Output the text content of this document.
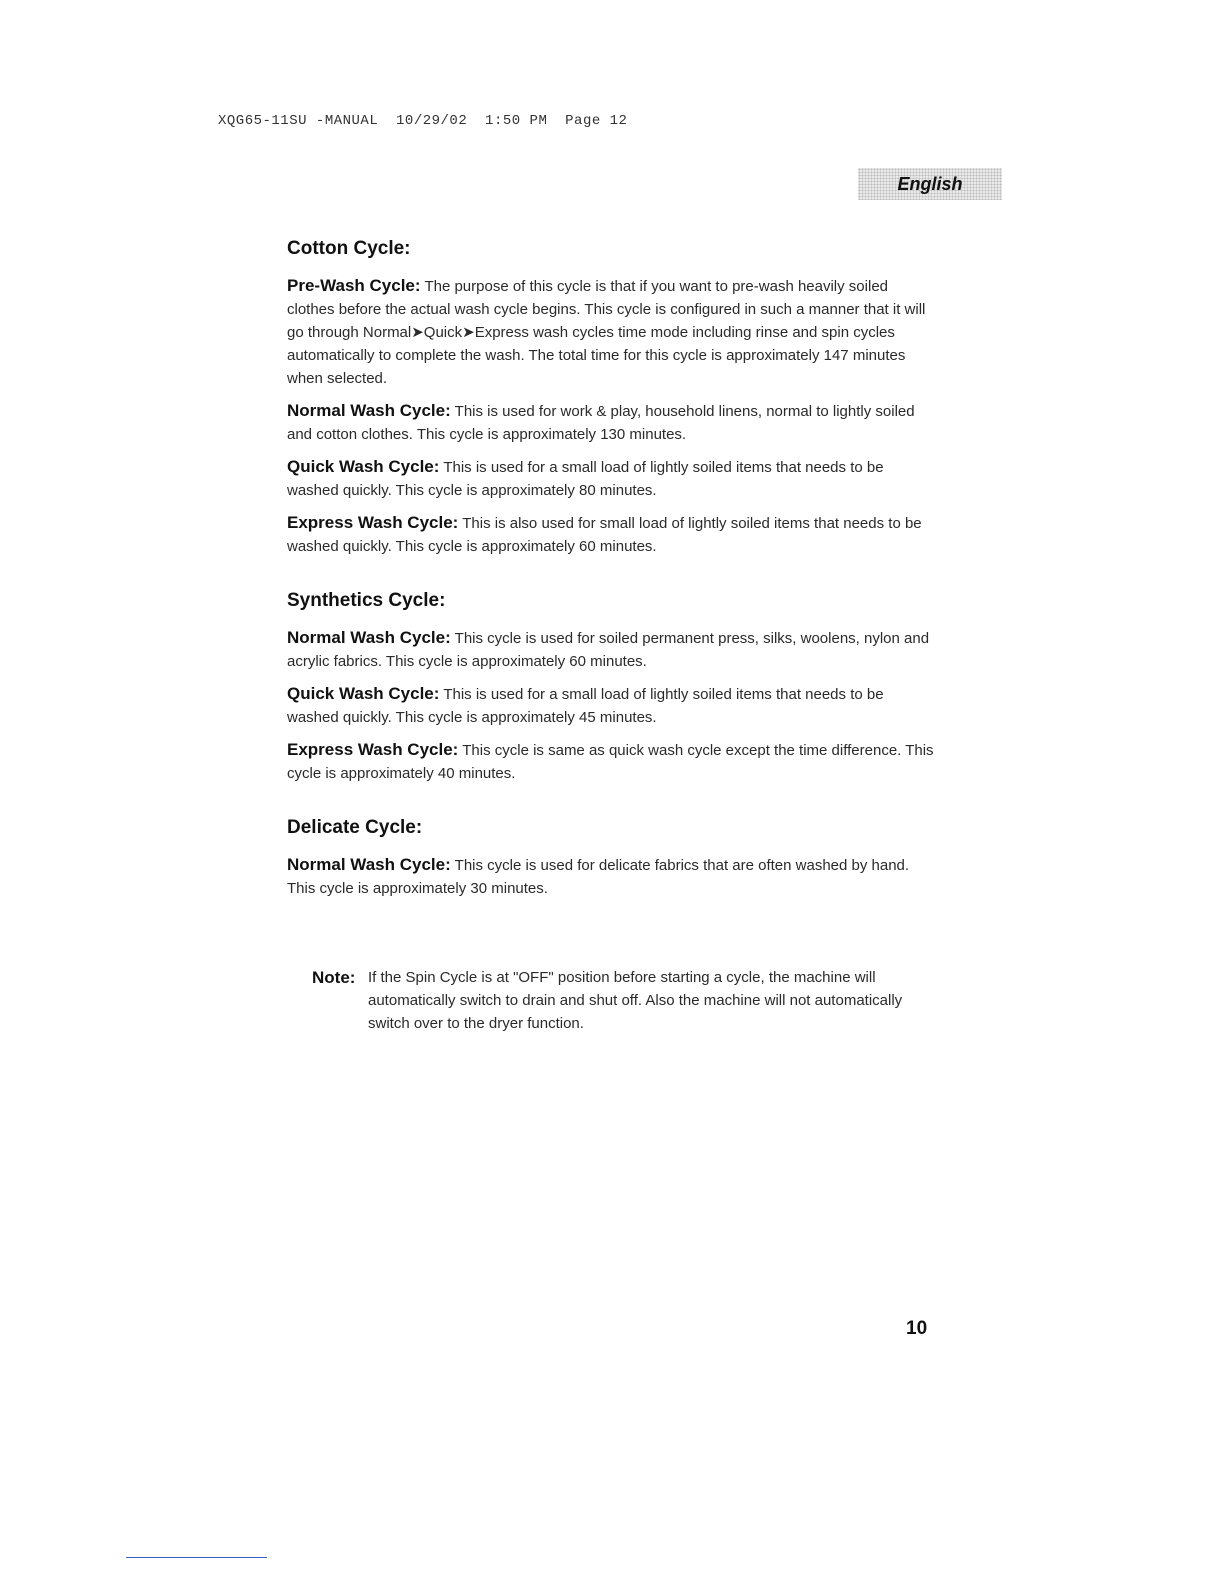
XQG65-11SU -MANUAL  10/29/02  1:50 PM  Page 12
English
Cotton Cycle:

Pre-Wash Cycle: The purpose of this cycle is that if you want to pre-wash heavily soiled clothes before the actual wash cycle begins. This cycle is configured in such a manner that it will go through Normal➤Quick➤Express wash cycles time mode including rinse and spin cycles automatically to complete the wash. The total time for this cycle is approximately 147 minutes when selected.

Normal Wash Cycle: This is used for work & play, household linens, normal to lightly soiled and cotton clothes. This cycle is approximately 130 minutes.

Quick Wash Cycle: This is used for a small load of lightly soiled items that needs to be washed quickly. This cycle is approximately 80 minutes.

Express Wash Cycle: This is also used for small load of lightly soiled items that needs to be washed quickly. This cycle is approximately 60 minutes.

Synthetics Cycle:

Normal Wash Cycle: This cycle is used for soiled permanent press, silks, woolens, nylon and acrylic fabrics. This cycle is approximately 60 minutes.

Quick Wash Cycle: This is used for a small load of lightly soiled items that needs to be washed quickly. This cycle is approximately 45 minutes.

Express Wash Cycle: This cycle is same as quick wash cycle except the time difference. This cycle is approximately 40 minutes.

Delicate Cycle:

Normal Wash Cycle: This cycle is used for delicate fabrics that are often washed by hand. This cycle is approximately 30 minutes.

Note: If the Spin Cycle is at "OFF" position before starting a cycle, the machine will automatically switch to drain and shut off. Also the machine will not automatically switch over to the dryer function.
10
